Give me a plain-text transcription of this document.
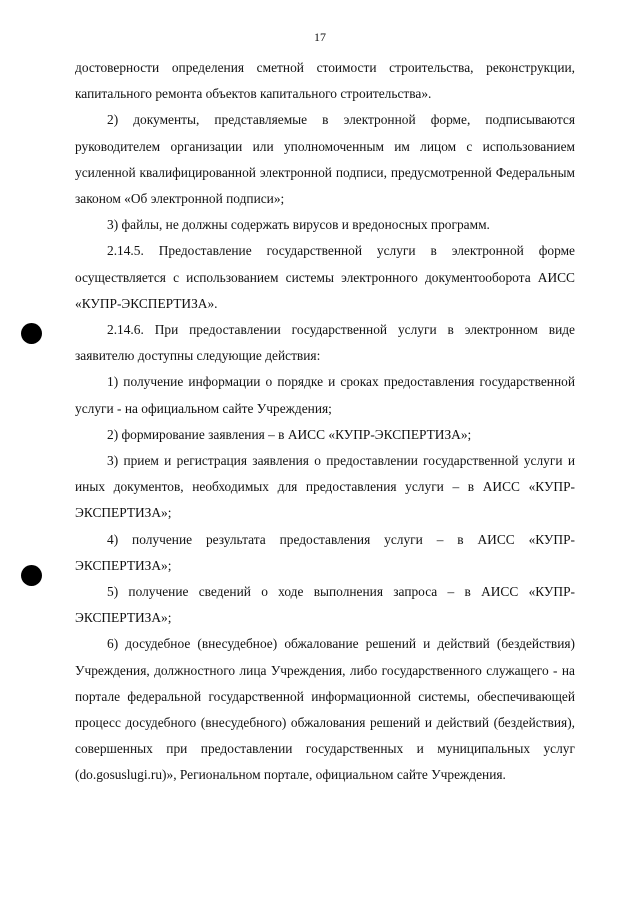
17

достоверности определения сметной стоимости строительства, реконструкции, капитального ремонта объектов капитального строительства».

2) документы, представляемые в электронной форме, подписываются руководителем организации или уполномоченным им лицом с использованием усиленной квалифицированной электронной подписи, предусмотренной Федеральным законом «Об электронной подписи»;

3) файлы, не должны содержать вирусов и вредоносных программ.

2.14.5. Предоставление государственной услуги в электронной форме осуществляется с использованием системы электронного документооборота АИСС «КУПР-ЭКСПЕРТИЗА».

2.14.6. При предоставлении государственной услуги в электронном виде заявителю доступны следующие действия:

1) получение информации о порядке и сроках предоставления государственной услуги - на официальном сайте Учреждения;

2) формирование заявления – в АИСС «КУПР-ЭКСПЕРТИЗА»;

3) прием и регистрация заявления о предоставлении государственной услуги и иных документов, необходимых для предоставления услуги – в АИСС «КУПР-ЭКСПЕРТИЗА»;

4) получение результата предоставления услуги – в АИСС «КУПР-ЭКСПЕРТИЗА»;

5) получение сведений о ходе выполнения запроса – в АИСС «КУПР-ЭКСПЕРТИЗА»;

6) досудебное (внесудебное) обжалование решений и действий (бездействия) Учреждения, должностного лица Учреждения, либо государственного служащего - на портале федеральной государственной информационной системы, обеспечивающей процесс досудебного (внесудебного) обжалования решений и действий (бездействия), совершенных при предоставлении государственных и муниципальных услуг (do.gosuslugi.ru)», Региональном портале, официальном сайте Учреждения.
